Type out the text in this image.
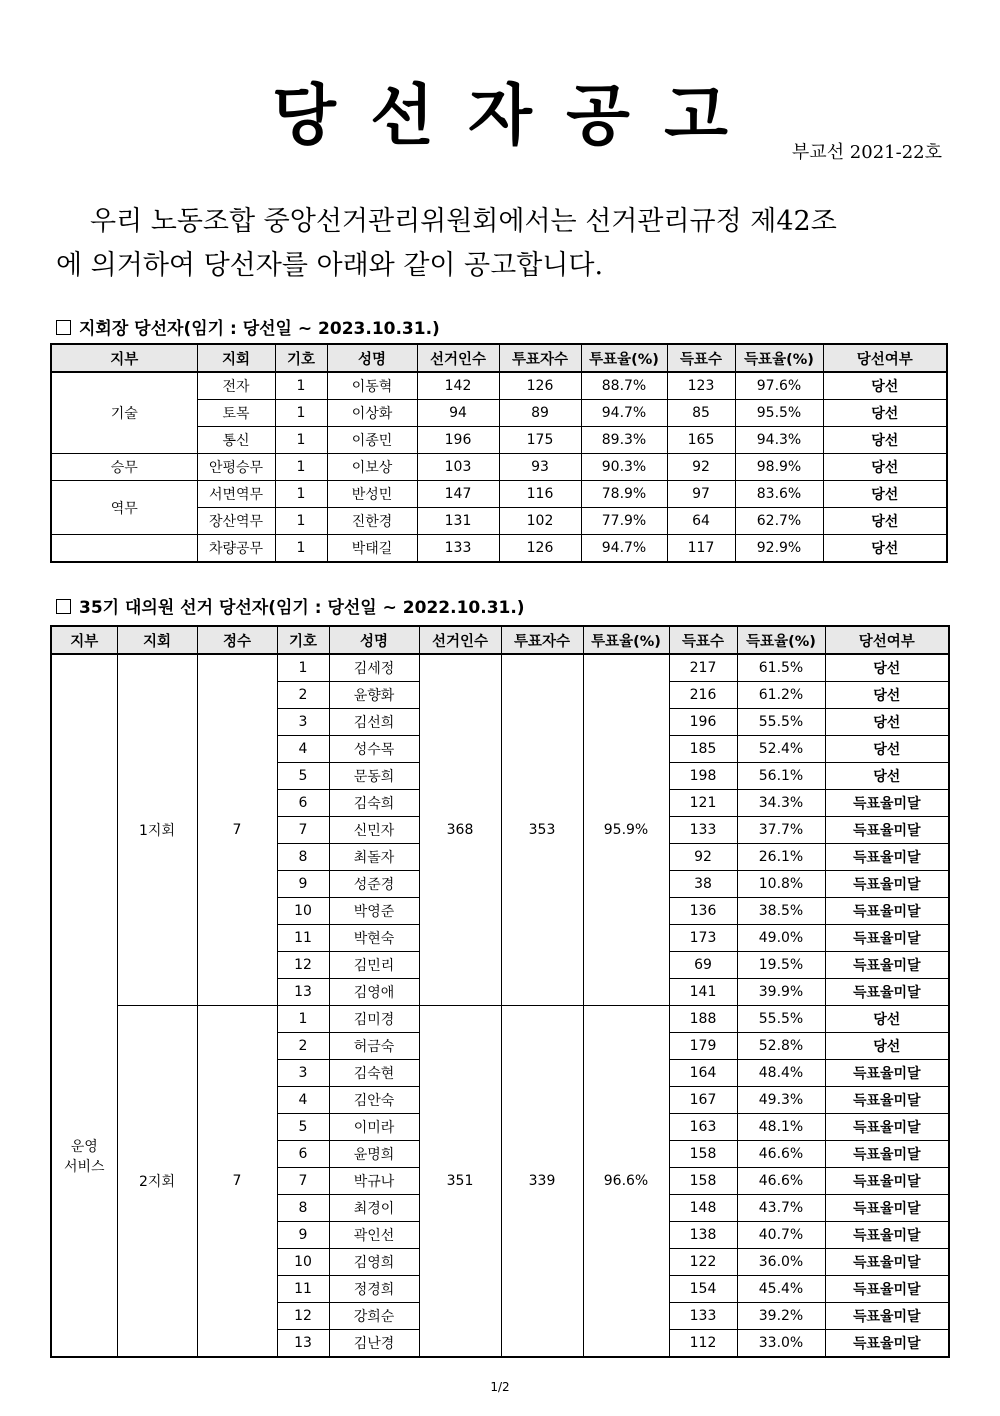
당 선 자 공 고	부교선 2021-22호

우리 노동조합 중앙선거관리위원회에서는 선거관리규정 제42조

에 의거하여 당선자를 아래와 같이 공고합니다.

지회장 당선자(임기 : 당선일 ~ 2023.10.31.)
지부	지회	기호	성명	선거인수	투표자수	투표율(%)	득표수	득표율(%)	당선여부
기술	전자	1	이동혁	142	126	88.7%	123	97.6%	당선
	토목	1	이상화	94	89	94.7%	85	95.5%	당선
	통신	1	이종민	196	175	89.3%	165	94.3%	당선
승무	안평승무	1	이보상	103	93	90.3%	92	98.9%	당선
역무	서면역무	1	반성민	147	116	78.9%	97	83.6%	당선
	장산역무	1	진한경	131	102	77.9%	64	62.7%	당선
	차량공무	1	박태길	133	126	94.7%	117	92.9%	당선
35기 대의원 선거 당선자(임기 : 당선일 ~ 2022.10.31.)
지부	지회	정수	기호	성명	선거인수	투표자수	투표율(%)	득표수	득표율(%)	당선여부
운영
서비스	1지회	7	1	김세정	368	353	95.9%	217	61.5%	당선
			2	윤향화				216	61.2%	당선
			3	김선희				196	55.5%	당선
			4	성수목				185	52.4%	당선
			5	문동희				198	56.1%	당선
			6	김숙희				121	34.3%	득표율미달
			7	신민자				133	37.7%	득표율미달
			8	최돌자				92	26.1%	득표율미달
			9	성준경				38	10.8%	득표율미달
			10	박영준				136	38.5%	득표율미달
			11	박현숙				173	49.0%	득표율미달
			12	김민리				69	19.5%	득표율미달
			13	김영애				141	39.9%	득표율미달
	2지회	7	1	김미경	351	339	96.6%	188	55.5%	당선
			2	허금숙				179	52.8%	당선
			3	김숙현				164	48.4%	득표율미달
			4	김안숙				167	49.3%	득표율미달
			5	이미라				163	48.1%	득표율미달
			6	윤명희				158	46.6%	득표율미달
			7	박규나				158	46.6%	득표율미달
			8	최경이				148	43.7%	득표율미달
			9	곽인선				138	40.7%	득표율미달
			10	김영희				122	36.0%	득표율미달
			11	정경희				154	45.4%	득표율미달
			12	강희순				133	39.2%	득표율미달
			13	김난경				112	33.0%	득표율미달
1/2
